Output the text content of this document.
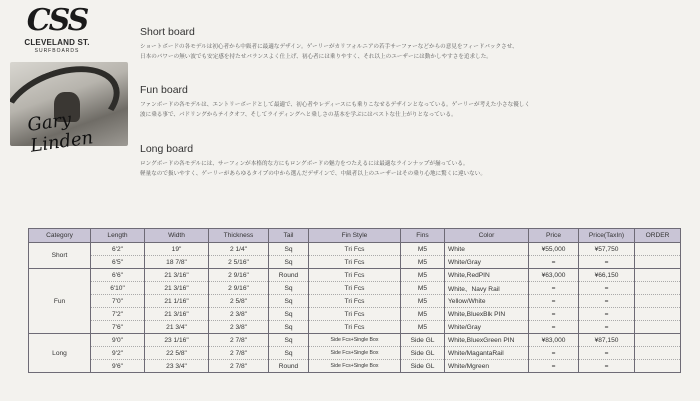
CSS
CLEVELAND ST.
SURFBOARDS
Gary Linden
Short board
ショートボードの各モデルは初心者から中級者に最適なデザイン。ゲーリーがカリフォルニアの若手サーファーなどからの意見をフィードバックさせ、
日本のパワーの無い波でも安定感を持たせバランスよく仕上げ、初心者には乗りやすく、それ以上のユーザーには動かしやすさを追求した。
Fun board
ファンボードの各モデルは、エントリーボードとして最適で、初心者やレディースにも乗りこなせるデザインとなっている。ゲーリーが考えた小さな優しく
波に乗る事で、パドリングからテイクオフ、そしてライディングへと乗しさの基本を学ぶにはベストな仕上がりとなっている。
Long board
ロングボードの各モデルには、サーフィンが本格的な方にもロングボードの魅力をつたえるには最適なラインナップが揃っている。
軽量なので扱いやすく、ゲーリーがあらゆるタイプの中から選んだデザインで、中級者以上のユーザーはその乗り心地に驚くに違いない。
Category	Length	Width	Thickness	Tail	Fin Style	Fins	Color	Price	Price(TaxIn)	ORDER
Short	6'2"	19"	2 1/4"	Sq	Tri Fcs	M5	White	¥55,000	¥57,750	
	6'5"	18 7/8"	2 5/16"	Sq	Tri Fcs	M5	White/Gray	=	=	
Fun	6'6"	21 3/16"	2 9/16"	Round	Tri Fcs	M5	White,RedPIN	¥63,000	¥66,150	
	6'10"	21 3/16"	2 9/16"	Sq	Tri Fcs	M5	White、Navy Rail	=	=	
	7'0"	21 1/16"	2 5/8"	Sq	Tri Fcs	M5	Yellow/White	=	=	
	7'2"	21 3/16"	2 3/8"	Sq	Tri Fcs	M5	White,BluexBlk PIN	=	=	
	7'6"	21 3/4"	2 3/8"	Sq	Tri Fcs	M5	White/Gray	=	=	
Long	9'0"	23 1/16"	2 7/8"	Sq	Side Fcs+Single Box	Side GL	White,BluexGreen PIN	¥83,000	¥87,150	
	9'2"	22 5/8"	2 7/8"	Sq	Side Fcs+Single Box	Side GL	White/MagantaRail	=	=	
	9'6"	23 3/4"	2 7/8"	Round	Side Fcs+Single Box	Side GL	White/Mgreen	=	=	
